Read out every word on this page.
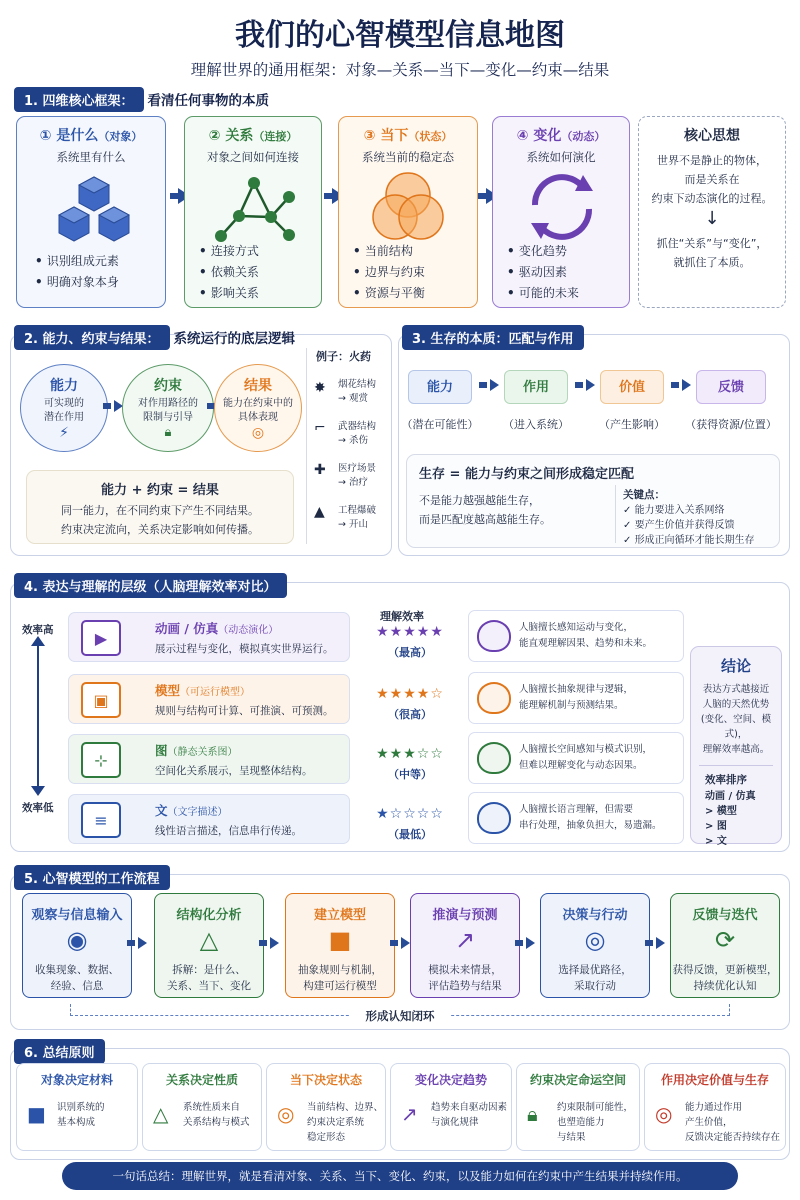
我们的心智模型信息地图
理解世界的通用框架：对象—关系—当下—变化—约束—结果
1. 四维核心框架：	看清任何事物的本质
① 是什么（对象）
系统里有什么
• 识别组成元素
• 明确对象本身
② 关系（连接）
对象之间如何连接
• 连接方式
• 依赖关系
• 影响关系
③ 当下（状态）
系统当前的稳定态
• 当前结构
• 边界与约束
• 资源与平衡
④ 变化（动态）
系统如何演化
• 变化趋势
• 驱动因素
• 可能的未来
核心思想
世界不是静止的物体，
而是关系在
约束下动态演化的过程。
↓
抓住“关系”与“变化”，
就抓住了本质。
2. 能力、约束与结果：	系统运行的底层逻辑
能力
可实现的
潜在作用
⚡
约束
对作用路径的
限制与引导
🔒︎
结果
能力在约束中的
具体表现
◎
能力 + 约束 = 结果
同一能力，在不同约束下产生不同结果。
约束决定流向，关系决定影响如何传播。
例子：火药
✸ 烟花结构
→ 观赏
⌐ 武器结构
→ 杀伤
✚ 医疗场景
→ 治疗
▲ 工程爆破
→ 开山
3. 生存的本质：匹配与作用
能力	作用	价值	反馈
（潜在可能性）	（进入系统）	（产生影响）	（获得资源/位置）
生存 = 能力与约束之间形成稳定匹配
不是能力越强越能生存，
而是匹配度越高越能生存。
关键点：
✓ 能力要进入关系网络
✓ 要产生价值并获得反馈
✓ 形成正向循环才能长期生存
4. 表达与理解的层级（人脑理解效率对比）
效率高
效率低
理解效率
▶	动画 / 仿真（动态演化）
展示过程与变化，模拟真实世界运行。
★★★★★
（最高）
人脑擅长感知运动与变化，
能直观理解因果、趋势和未来。
▣	模型（可运行模型）
规则与结构可计算、可推演、可预测。
★★★★☆
（很高）
人脑擅长抽象规律与逻辑，
能理解机制与预测结果。
⊹	图（静态关系图）
空间化关系展示，呈现整体结构。
★★★☆☆
（中等）
人脑擅长空间感知与模式识别，
但难以理解变化与动态因果。
≡	文（文字描述）
线性语言描述，信息串行传递。
★☆☆☆☆
（最低）
人脑擅长语言理解，但需要
串行处理，抽象负担大，易遗漏。
结论
表达方式越接近
人脑的天然优势
(变化、空间、模式)，
理解效率越高。
效率排序
动画 / 仿真
> 模型
> 图
> 文
5. 心智模型的工作流程
观察与信息输入
◉
收集现象、数据、
经验、信息
结构化分析
△
拆解：是什么、
关系、当下、变化
建立模型
■
抽象规则与机制，
构建可运行模型
推演与预测
↗
模拟未来情景，
评估趋势与结果
决策与行动
◎
选择最优路径，
采取行动
反馈与迭代
⟳
获得反馈，更新模型，
持续优化认知
形成认知闭环
6. 总结原则
对象决定材料
■ 识别系统的
基本构成
关系决定性质
△ 系统性质来自
关系结构与模式
当下决定状态
◎ 当前结构、边界、
约束决定系统
稳定形态
变化决定趋势
↗ 趋势来自驱动因素
与演化规律
约束决定命运空间
🔒︎ 约束限制可能性，
也塑造能力
与结果
作用决定价值与生存
◎ 能力通过作用
产生价值，
反馈决定能否持续存在
一句话总结：理解世界，就是看清对象、关系、当下、变化、约束，以及能力如何在约束中产生结果并持续作用。
